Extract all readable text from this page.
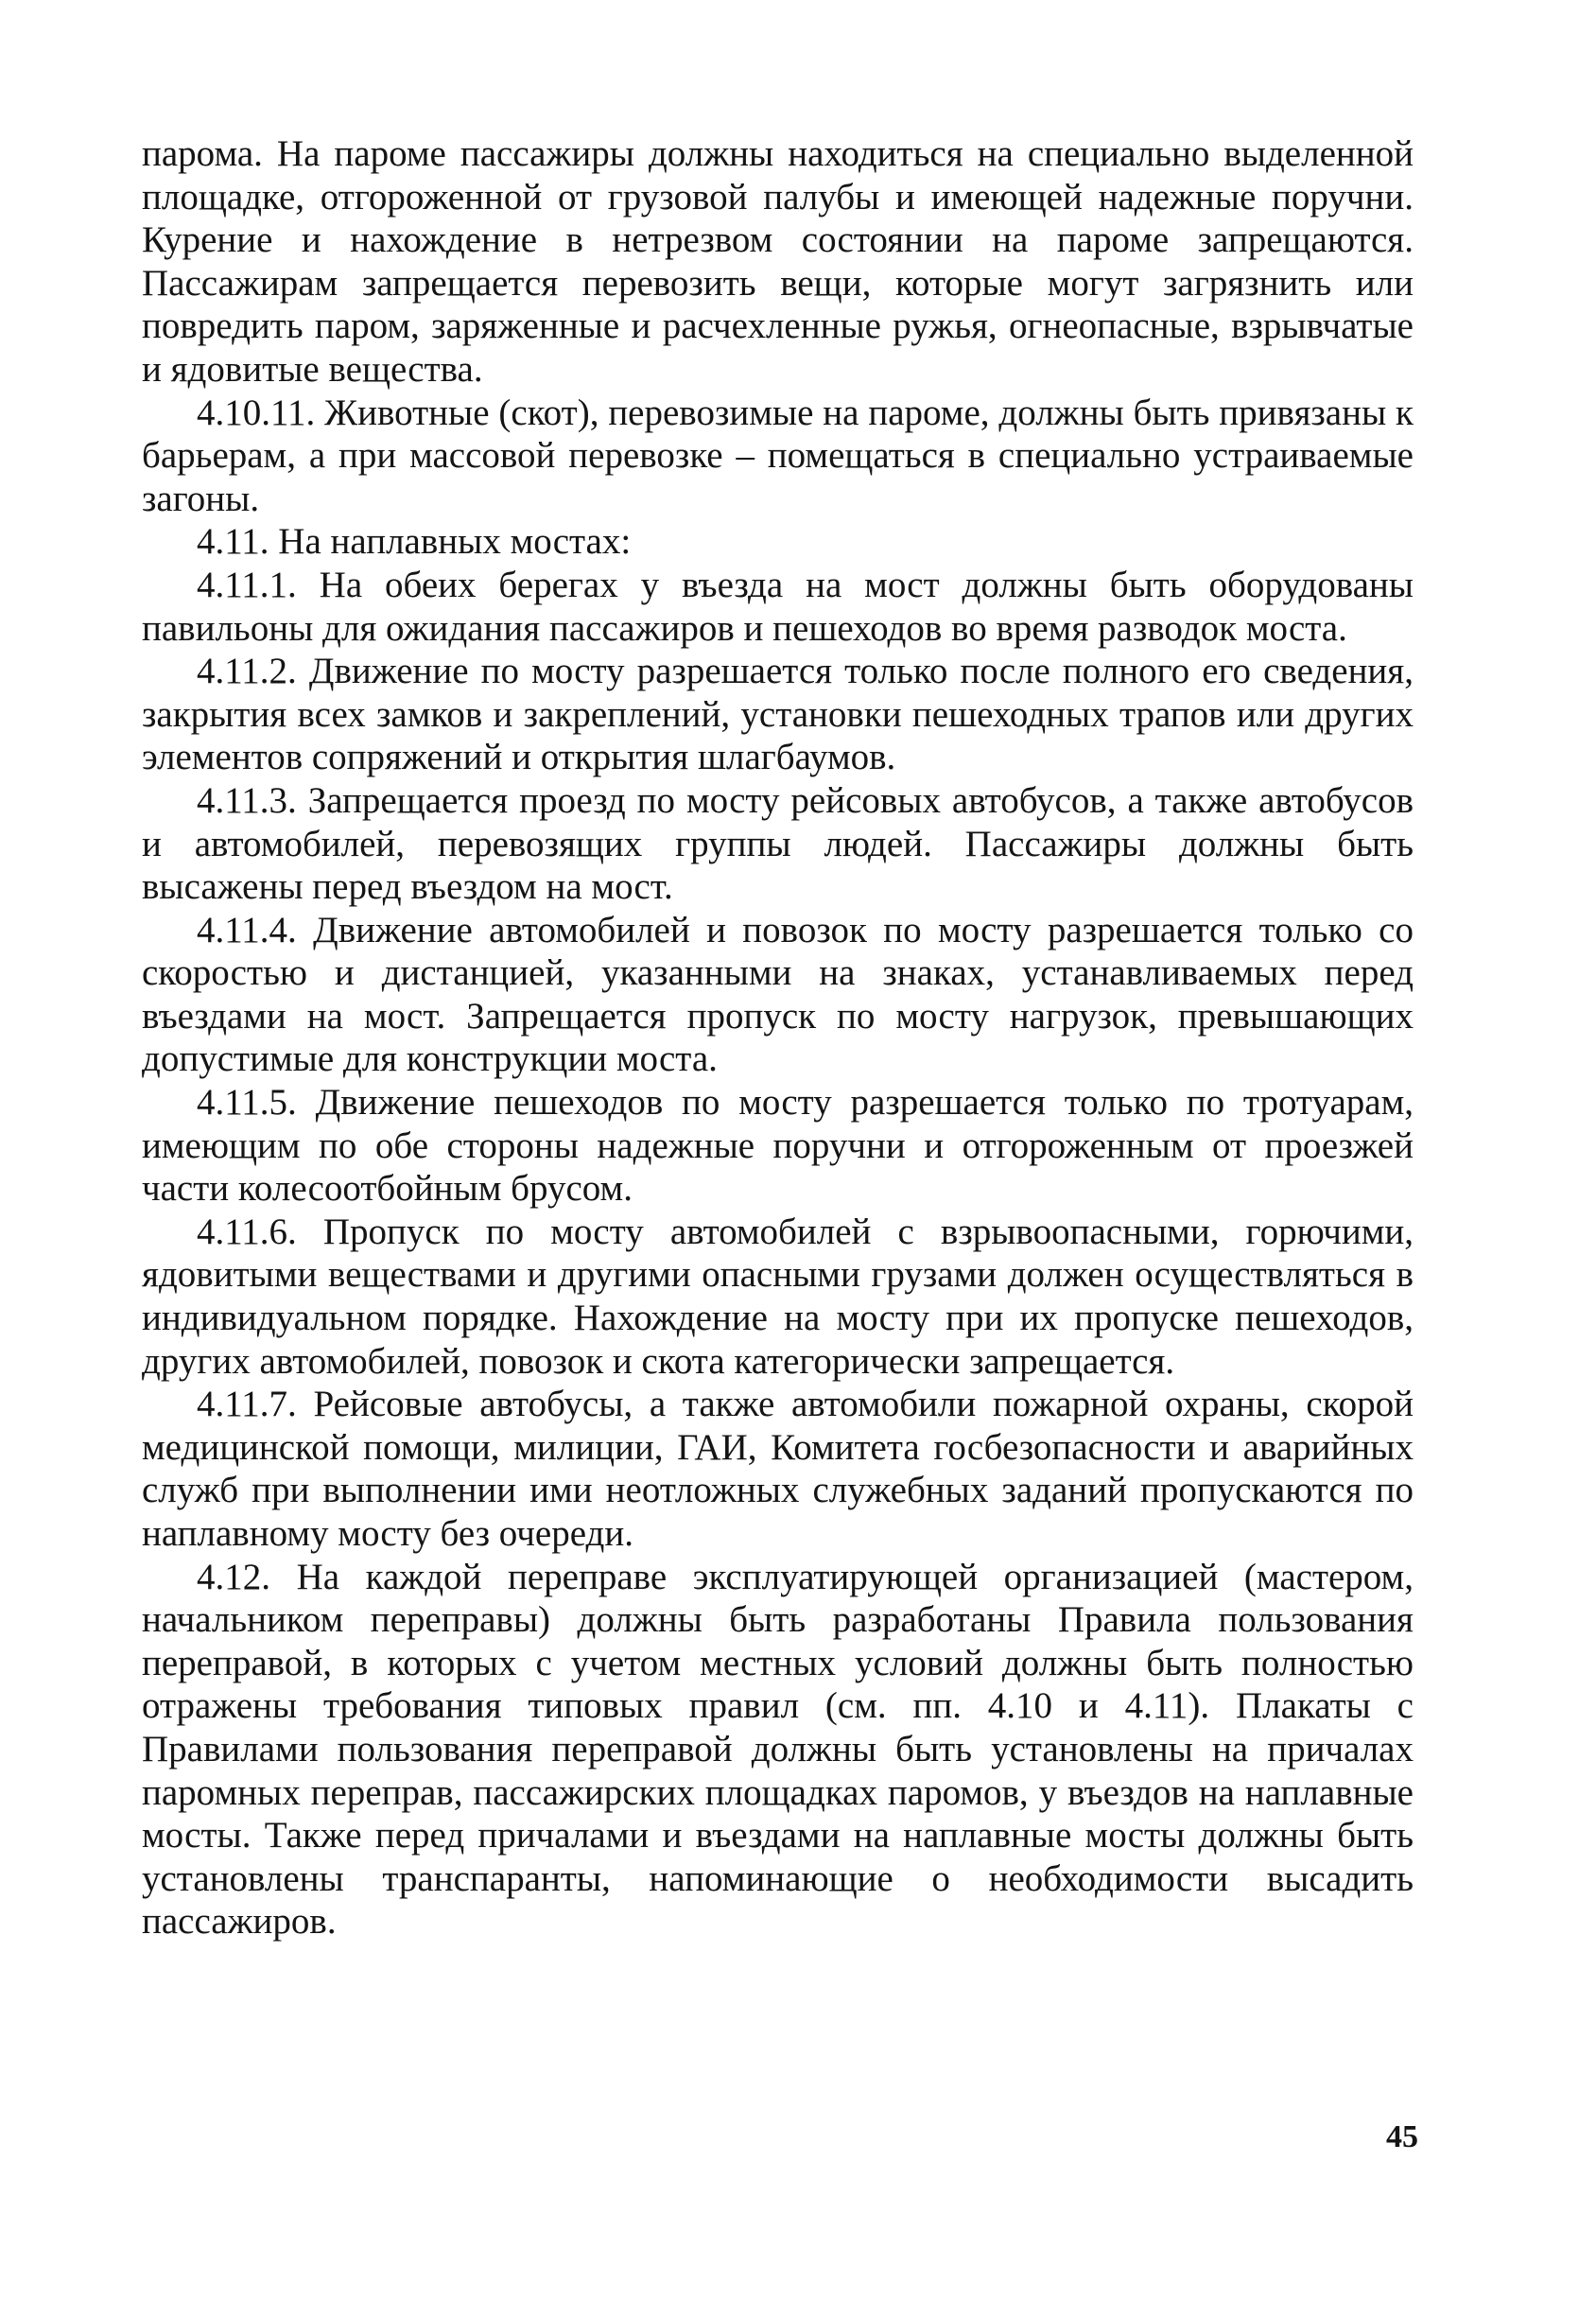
парома. На пароме пассажиры должны находиться на специально выделенной площадке, отгороженной от грузовой палубы и имеющей надежные поручни. Курение и нахождение в нетрезвом состоянии на пароме запрещаются. Пассажирам запрещается перевозить вещи, которые могут загрязнить или повредить паром, заряженные и расчехленные ружья, огнеопасные, взрывчатые и ядовитые вещества.

4.10.11. Животные (скот), перевозимые на пароме, должны быть привязаны к барьерам, а при массовой перевозке – помещаться в специально устраиваемые загоны.

4.11. На наплавных мостах:

4.11.1. На обеих берегах у въезда на мост должны быть оборудованы павильоны для ожидания пассажиров и пешеходов во время разводок моста.

4.11.2. Движение по мосту разрешается только после полного его сведения, закрытия всех замков и закреплений, установки пешеходных трапов или других элементов сопряжений и открытия шлагбаумов.

4.11.3. Запрещается проезд по мосту рейсовых автобусов, а также автобусов и автомобилей, перевозящих группы людей. Пассажиры должны быть высажены перед въездом на мост.

4.11.4. Движение автомобилей и повозок по мосту разрешается только со скоростью и дистанцией, указанными на знаках, устанавливаемых перед въездами на мост. Запрещается пропуск по мосту нагрузок, превышающих допустимые для конструкции моста.

4.11.5. Движение пешеходов по мосту разрешается только по тротуарам, имеющим по обе стороны надежные поручни и отгороженным от проезжей части колесоотбойным брусом.

4.11.6. Пропуск по мосту автомобилей с взрывоопасными, горючими, ядовитыми веществами и другими опасными грузами должен осуществляться в индивидуальном порядке. Нахождение на мосту при их пропуске пешеходов, других автомобилей, повозок и скота категорически запрещается.

4.11.7. Рейсовые автобусы, а также автомобили пожарной охраны, скорой медицинской помощи, милиции, ГАИ, Комитета госбезопасности и аварийных служб при выполнении ими неотложных служебных заданий пропускаются по наплавному мосту без очереди.

4.12. На каждой переправе эксплуатирующей организацией (мастером, начальником переправы) должны быть разработаны Правила пользования переправой, в которых с учетом местных условий должны быть полностью отражены требования типовых правил (см. пп. 4.10 и 4.11). Плакаты с Правилами пользования переправой должны быть установлены на причалах паромных переправ, пассажирских площадках паромов, у въездов на наплавные мосты. Также перед причалами и въездами на наплавные мосты должны быть установлены транспаранты, напоминающие о необходимости высадить пассажиров.

45
